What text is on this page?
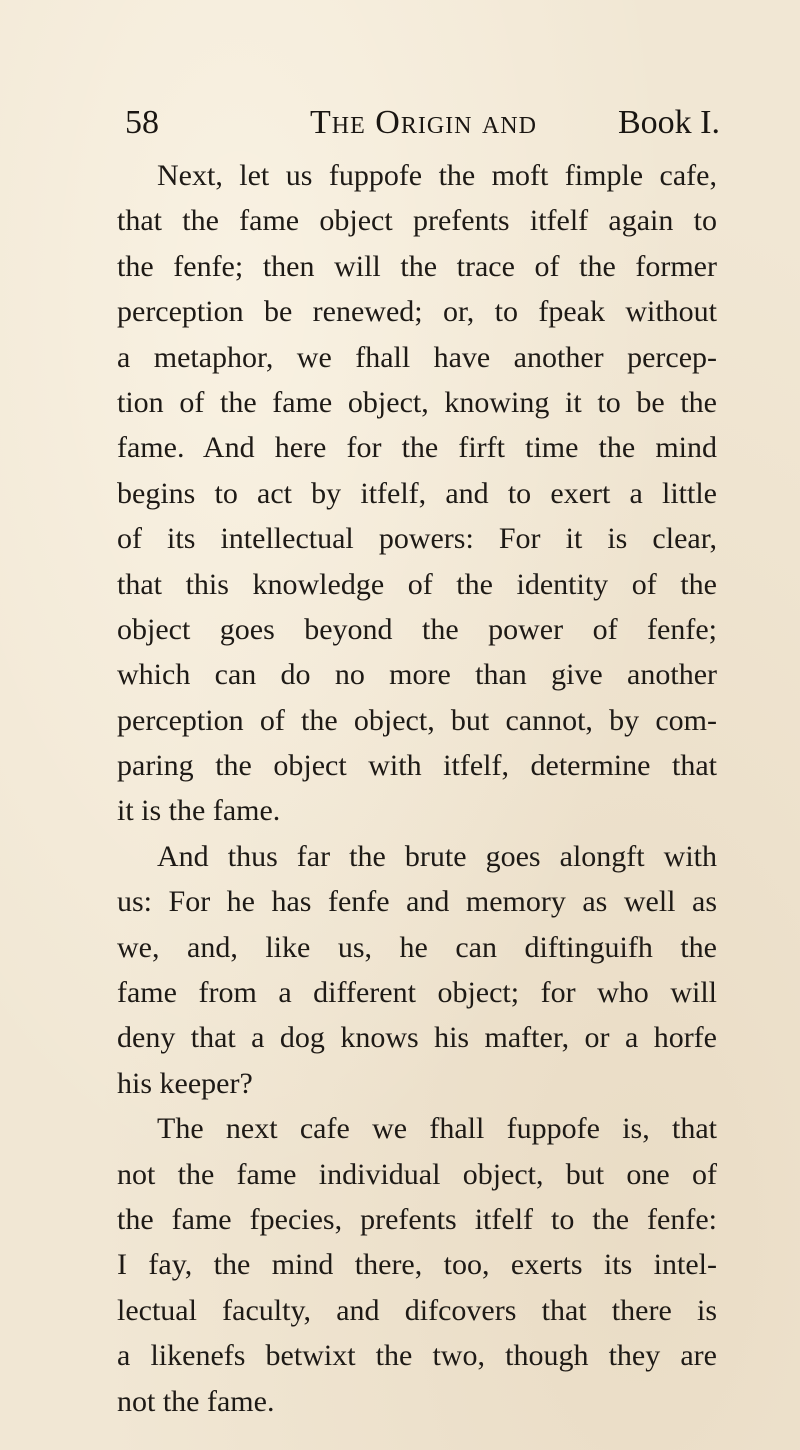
58	The Origin and Book I.
Next, let us fuppofe the moft fimple cafe,
that the fame object prefents itfelf again to
the fenfe; then will the trace of the former
perception be renewed; or, to fpeak without
a metaphor, we fhall have another percep-
tion of the fame object, knowing it to be the
fame. And here for the firft time the mind
begins to act by itfelf, and to exert a little
of its intellectual powers: For it is clear,
that this knowledge of the identity of the
object goes beyond the power of fenfe;
which can do no more than give another
perception of the object, but cannot, by com-
paring the object with itfelf, determine that
it is the fame.
And thus far the brute goes alongft with
us: For he has fenfe and memory as well as
we, and, like us, he can diftinguifh the
fame from a different object; for who will
deny that a dog knows his mafter, or a horfe
his keeper?
The next cafe we fhall fuppofe is, that
not the fame individual object, but one of
the fame fpecies, prefents itfelf to the fenfe:
I fay, the mind there, too, exerts its intel-
lectual faculty, and difcovers that there is
a likenefs betwixt the two, though they are
not the fame.
